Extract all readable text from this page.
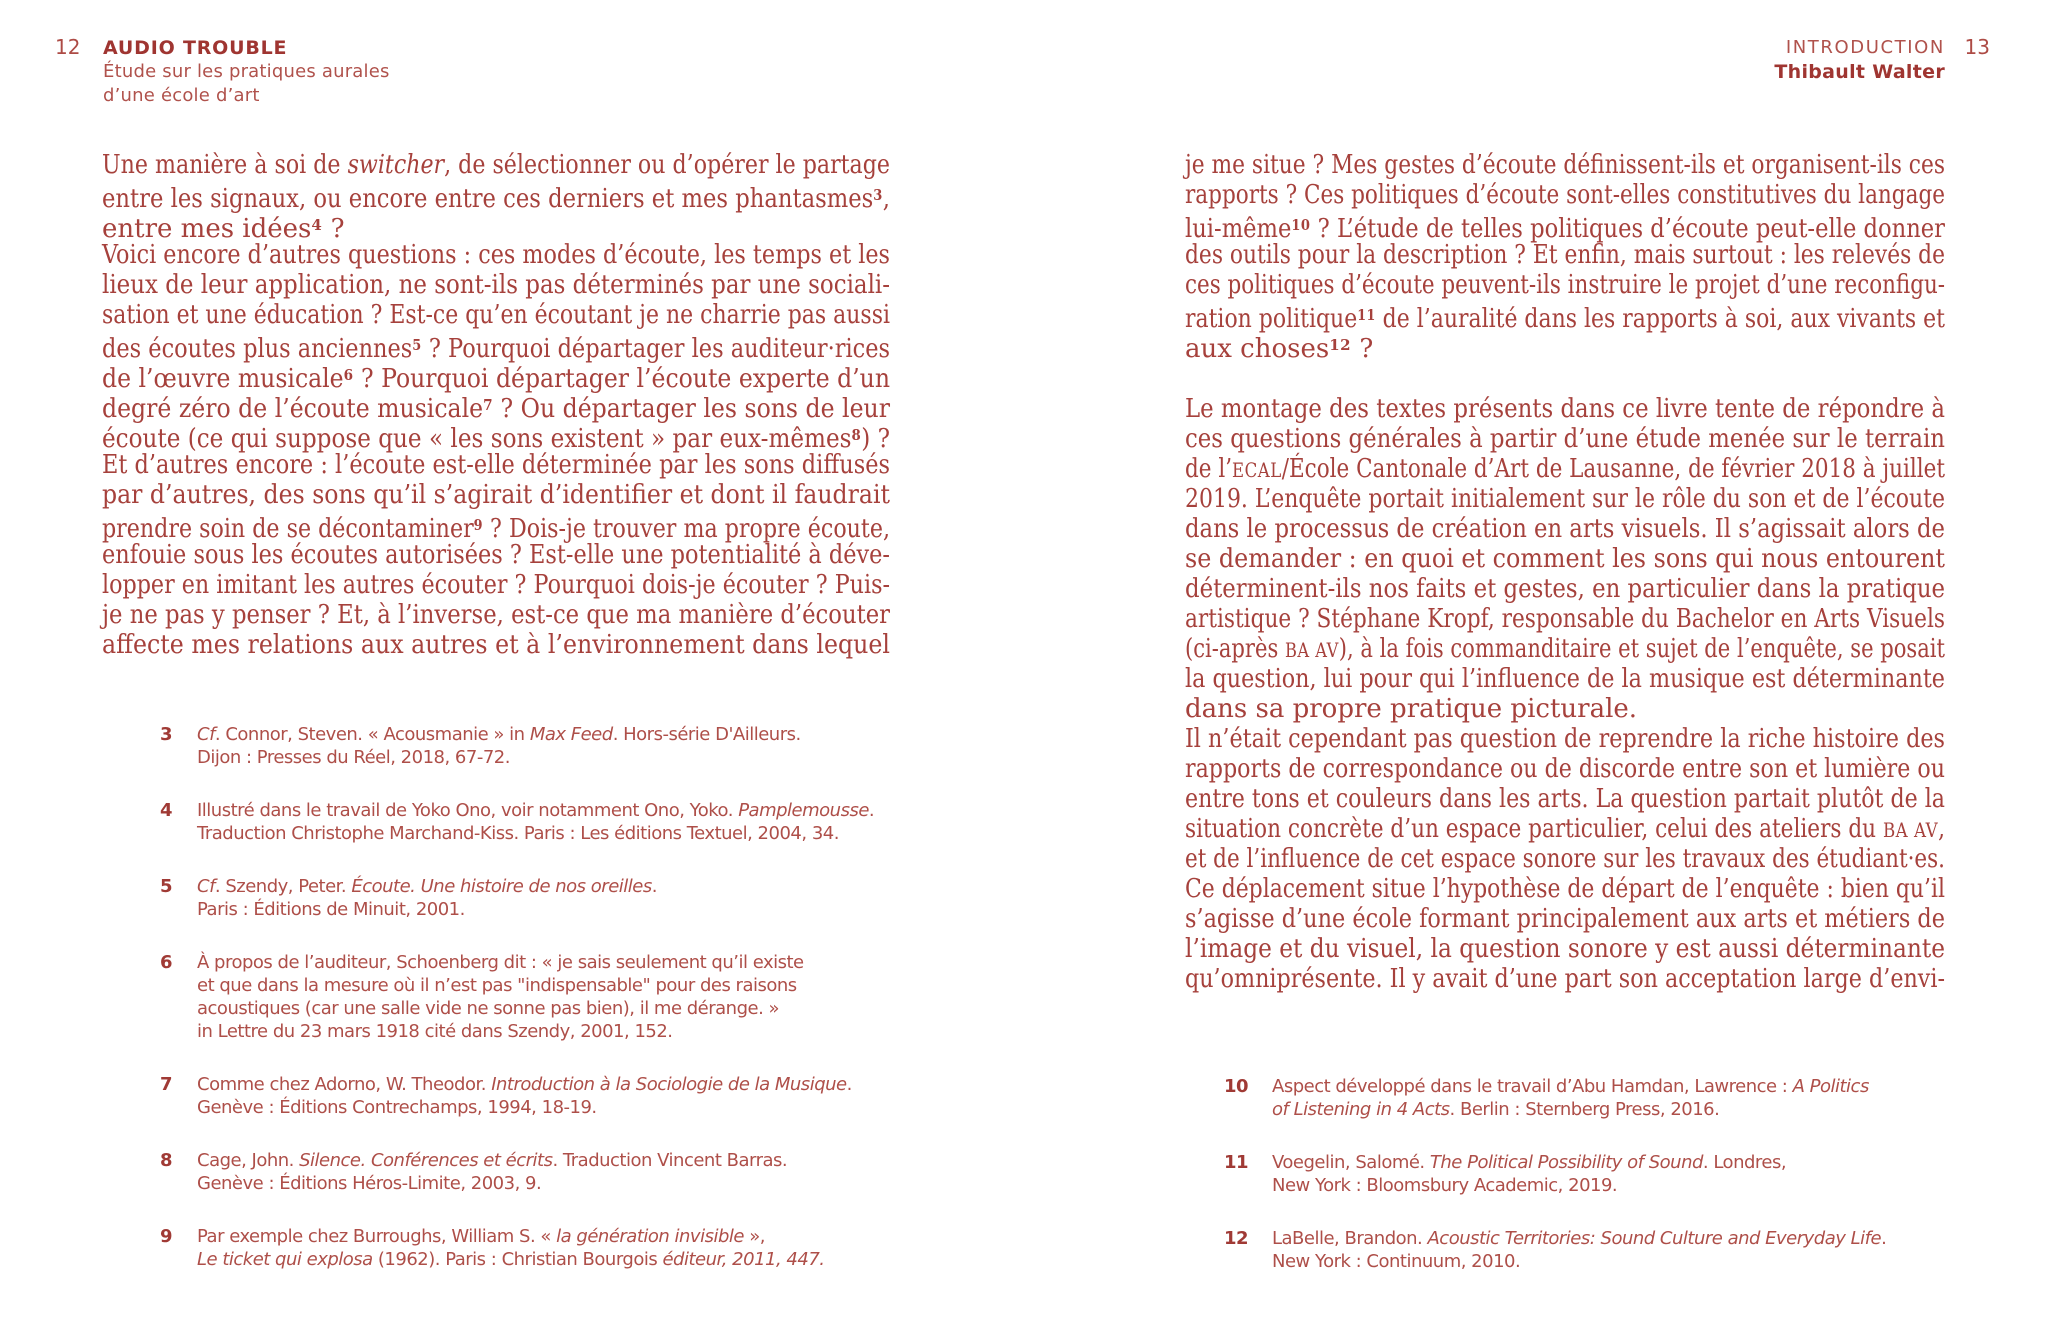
12 AUDIO TROUBLE
Étude sur les pratiques aurales
d’une école d’art
13
INTRODUCTION
Thibault Walter
Une manière à soi de switcher, de sélectionner ou d’opérer le partage
entre les signaux, ou encore entre ces derniers et mes phantasmes$^3$,
entre mes idées$^4$ ?
Voici encore d’autres questions : ces modes d’écoute, les temps et les
lieux de leur application, ne sont-ils pas déterminés par une sociali-
sation et une éducation ? Est-ce qu’en écoutant je ne charrie pas aussi
des écoutes plus anciennes$^5$ ? Pourquoi départager les auditeur·rices
de l’œuvre musicale$^6$ ? Pourquoi départager l’écoute experte d’un
degré zéro de l’écoute musicale$^7$ ? Ou départager les sons de leur
écoute (ce qui suppose que « les sons existent » par eux-mêmes$^8$) ?
Et d’autres encore : l’écoute est-elle déterminée par les sons diffusés
par d’autres, des sons qu’il s’agirait d’identifier et dont il faudrait
prendre soin de se décontaminer$^9$ ? Dois-je trouver ma propre écoute,
enfouie sous les écoutes autorisées ? Est-elle une potentialité à déve-
lopper en imitant les autres écouter ? Pourquoi dois-je écouter ? Puis-
je ne pas y penser ? Et, à l’inverse, est-ce que ma manière d’écouter
affecte mes relations aux autres et à l’environnement dans lequel
je me situe ? Mes gestes d’écoute définissent-ils et organisent-ils ces
rapports ? Ces politiques d’écoute sont-elles constitutives du langage
lui-même$^{10}$ ? L’étude de telles politiques d’écoute peut-elle donner
des outils pour la description ? Et enfin, mais surtout : les relevés de
ces politiques d’écoute peuvent-ils instruire le projet d’une reconfigu-
ration politique$^{11}$ de l’auralité dans les rapports à soi, aux vivants et
aux choses$^{12}$ ?
Le montage des textes présents dans ce livre tente de répondre à
ces questions générales à partir d’une étude menée sur le terrain
de l’ECAL/École Cantonale d’Art de Lausanne, de février 2018 à juillet
2019. L’enquête portait initialement sur le rôle du son et de l’écoute
dans le processus de création en arts visuels. Il s’agissait alors de
se demander : en quoi et comment les sons qui nous entourent
déterminent-ils nos faits et gestes, en particulier dans la pratique
artistique ? Stéphane Kropf, responsable du Bachelor en Arts Visuels
(ci-après BA AV), à la fois commanditaire et sujet de l’enquête, se posait
la question, lui pour qui l’influence de la musique est déterminante
dans sa propre pratique picturale.
Il n’était cependant pas question de reprendre la riche histoire des
rapports de correspondance ou de discorde entre son et lumière ou
entre tons et couleurs dans les arts. La question partait plutôt de la
situation concrète d’un espace particulier, celui des ateliers du BA AV,
et de l’influence de cet espace sonore sur les travaux des étudiant·es.
Ce déplacement situe l’hypothèse de départ de l’enquête : bien qu’il
s’agisse d’une école formant principalement aux arts et métiers de
l’image et du visuel, la question sonore y est aussi déterminante
qu’omniprésente. Il y avait d’une part son acceptation large d’envi-
3	Cf. Connor, Steven. « Acousmanie » in Max Feed. Hors-série D'Ailleurs.
Dijon : Presses du Réel, 2018, 67-72.
4	Illustré dans le travail de Yoko Ono, voir notamment Ono, Yoko. Pamplemousse.
Traduction Christophe Marchand-Kiss. Paris : Les éditions Textuel, 2004, 34.
5	Cf. Szendy, Peter. Écoute. Une histoire de nos oreilles.
Paris : Éditions de Minuit, 2001.
6	À propos de l’auditeur, Schoenberg dit : « je sais seulement qu’il existe
et que dans la mesure où il n’est pas "indispensable" pour des raisons
acoustiques (car une salle vide ne sonne pas bien), il me dérange. »
in Lettre du 23 mars 1918 cité dans Szendy, 2001, 152.
7	Comme chez Adorno, W. Theodor. Introduction à la Sociologie de la Musique.
Genève : Éditions Contrechamps, 1994, 18-19.
8	Cage, John. Silence. Conférences et écrits. Traduction Vincent Barras.
Genève : Éditions Héros-Limite, 2003, 9.
9	Par exemple chez Burroughs, William S. « la génération invisible »,
Le ticket qui explosa (1962). Paris : Christian Bourgois éditeur, 2011, 447.
10	Aspect développé dans le travail d’Abu Hamdan, Lawrence : A Politics
of Listening in 4 Acts. Berlin : Sternberg Press, 2016.
11	Voegelin, Salomé. The Political Possibility of Sound. Londres,
New York : Bloomsbury Academic, 2019.
12	LaBelle, Brandon. Acoustic Territories: Sound Culture and Everyday Life.
New York : Continuum, 2010.
